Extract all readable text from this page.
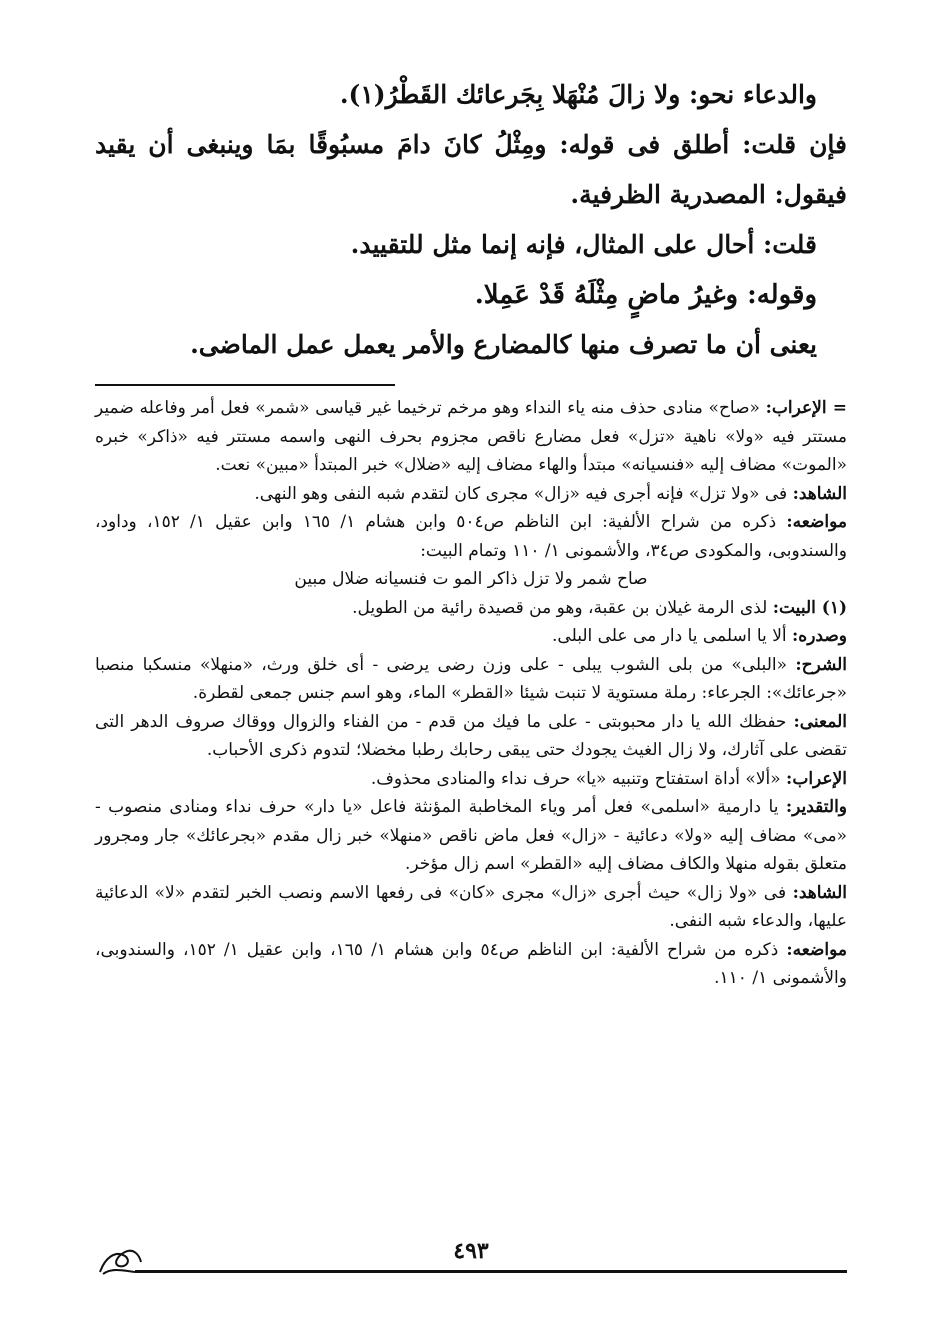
والدعاء نحو: ولا زالَ مُنْهَلا بِجَرعائك القَطْرُ(١).

فإن قلت: أطلق فى قوله: ومِثْلُ كانَ دامَ مسبُوقًا بمَا وينبغى أن يقيد فيقول: المصدرية الظرفية.

قلت: أحال على المثال، فإنه إنما مثل للتقييد.

وقوله: وغيرُ ماضٍ مِثْلَهُ قَدْ عَمِلا.

يعنى أن ما تصرف منها كالمضارع والأمر يعمل عمل الماضى.

= الإعراب: «صاح» منادى حذف منه ياء النداء وهو مرخم ترخيما غير قياسى «شمر» فعل أمر وفاعله ضمير مستتر فيه «ولا» ناهية «تزل» فعل مضارع ناقص مجزوم بحرف النهى واسمه مستتر فيه «ذاكر» خبره «الموت» مضاف إليه «فنسيانه» مبتدأ والهاء مضاف إليه «ضلال» خبر المبتدأ «مبين» نعت.

الشاهد: فى «ولا تزل» فإنه أجرى فيه «زال» مجرى كان لتقدم شبه النفى وهو النهى.

مواضعه: ذكره من شراح الألفية: ابن الناظم ص٥٠٤ وابن هشام ١/ ١٦٥ وابن عقيل ١/ ١٥٢، وداود، والسندوبى، والمكودى ص٣٤، والأشمونى ١/ ١١٠ وتمام البيت:

صاح شمر ولا تزل ذاكر المو ت فنسيانه ضلال مبين

(١) البيت: لذى الرمة غيلان بن عقبة، وهو من قصيدة رائية من الطويل.

وصدره: ألا يا اسلمى يا دار مى على البلى.

الشرح: «البلى» من بلى الشوب يبلى - على وزن رضى يرضى - أى خلق ورث، «منهلا» منسكبا منصبا «جرعائك»: الجرعاء: رملة مستوية لا تنبت شيئا «القطر» الماء، وهو اسم جنس جمعى لقطرة.

المعنى: حفظك الله يا دار محبوبتى - على ما فيك من قدم - من الفناء والزوال ووقاك صروف الدهر التى تقضى على آثارك، ولا زال الغيث يجودك حتى يبقى رحابك رطبا مخضلا؛ لتدوم ذكرى الأحباب.

الإعراب: «ألا» أداة استفتاح وتنبيه «يا» حرف نداء والمنادى محذوف.

والتقدير: يا دارمية «اسلمى» فعل أمر وياء المخاطبة المؤنثة فاعل «يا دار» حرف نداء ومنادى منصوب - «مى» مضاف إليه «ولا» دعائية - «زال» فعل ماض ناقص «منهلا» خبر زال مقدم «بجرعائك» جار ومجرور متعلق بقوله منهلا والكاف مضاف إليه «القطر» اسم زال مؤخر.

الشاهد: فى «ولا زال» حيث أجرى «زال» مجرى «كان» فى رفعها الاسم ونصب الخبر لتقدم «لا» الدعائية عليها، والدعاء شبه النفى.

مواضعه: ذكره من شراح الألفية: ابن الناظم ص٥٤ وابن هشام ١/ ١٦٥، وابن عقيل ١/ ١٥٢، والسندوبى، والأشمونى ١/ ١١٠.

٤٩٣
